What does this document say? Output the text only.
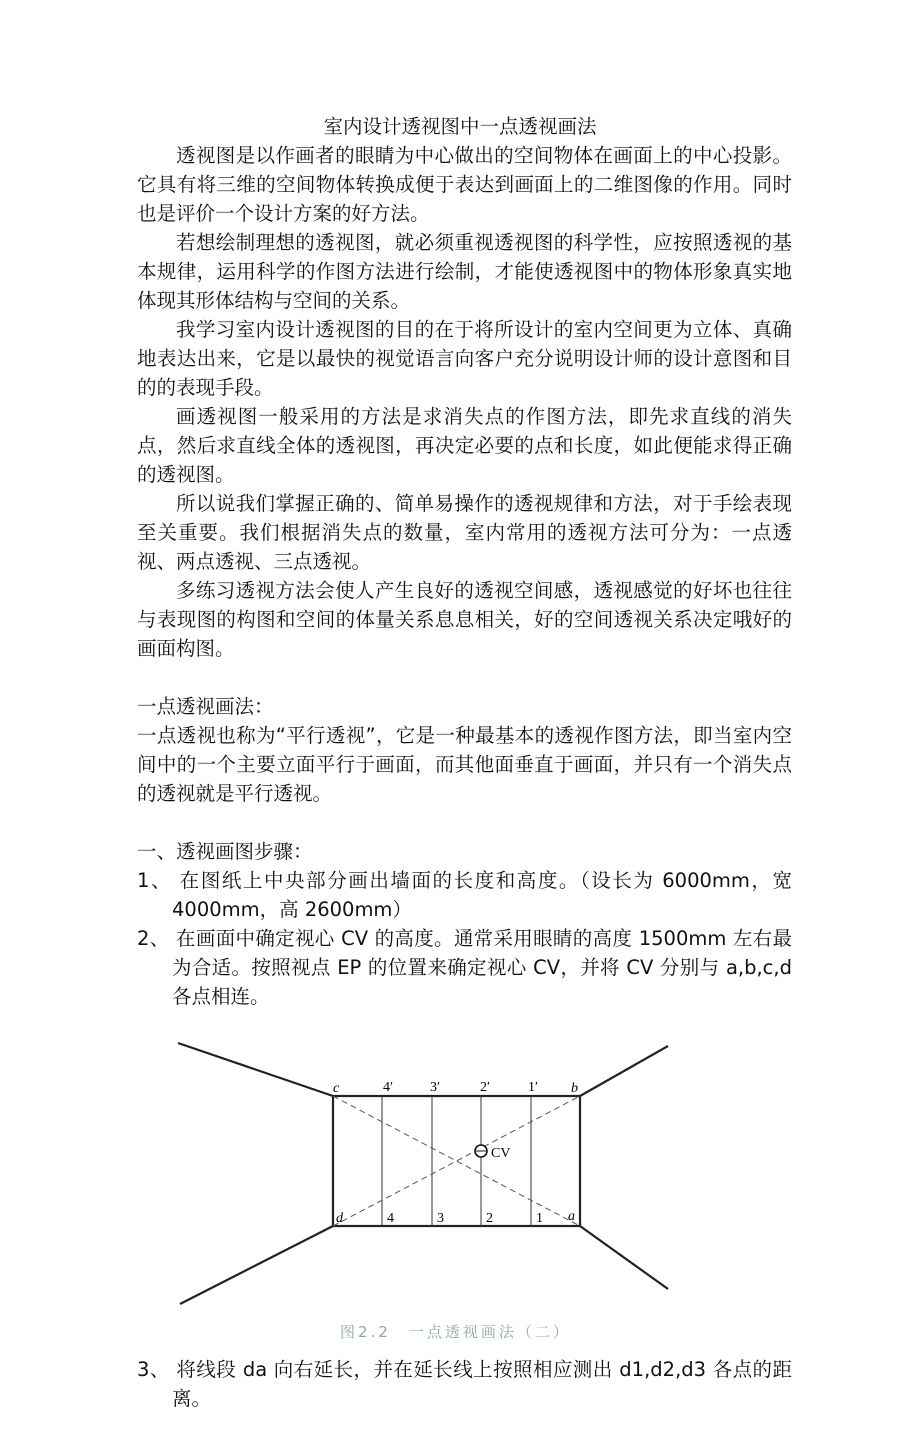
室内设计透视图中一点透视画法

透视图是以作画者的眼睛为中心做出的空间物体在画面上的中心投影。它具有将三维的空间物体转换成便于表达到画面上的二维图像的作用。同时也是评价一个设计方案的好方法。

若想绘制理想的透视图，就必须重视透视图的科学性，应按照透视的基本规律，运用科学的作图方法进行绘制，才能使透视图中的物体形象真实地体现其形体结构与空间的关系。

我学习室内设计透视图的目的在于将所设计的室内空间更为立体、真确地表达出来，它是以最快的视觉语言向客户充分说明设计师的设计意图和目的的表现手段。

画透视图一般采用的方法是求消失点的作图方法，即先求直线的消失点，然后求直线全体的透视图，再决定必要的点和长度，如此便能求得正确的透视图。

所以说我们掌握正确的、简单易操作的透视规律和方法，对于手绘表现至关重要。我们根据消失点的数量，室内常用的透视方法可分为：一点透视、两点透视、三点透视。

多练习透视方法会使人产生良好的透视空间感，透视感觉的好坏也往往与表现图的构图和空间的体量关系息息相关，好的空间透视关系决定哦好的画面构图。

一点透视画法：

一点透视也称为“平行透视”，它是一种最基本的透视作图方法，即当室内空间中的一个主要立面平行于画面，而其他面垂直于画面，并只有一个消失点的透视就是平行透视。

一、透视画图步骤：

1、 在图纸上中央部分画出墙面的长度和高度。（设长为 6000mm，宽 4000mm，高 2600mm）

2、 在画面中确定视心 CV 的高度。通常采用眼睛的高度 1500mm 左右最为合适。按照视点 EP 的位置来确定视心 CV，并将 CV 分别与 a,b,c,d 各点相连。

CV
c	b
d	a
4′	3′	2′	1′
4	3	2	1
图2.2　一点透视画法（二）

3、 将线段 da 向右延长，并在延长线上按照相应测出 d1,d2,d3 各点的距离。
